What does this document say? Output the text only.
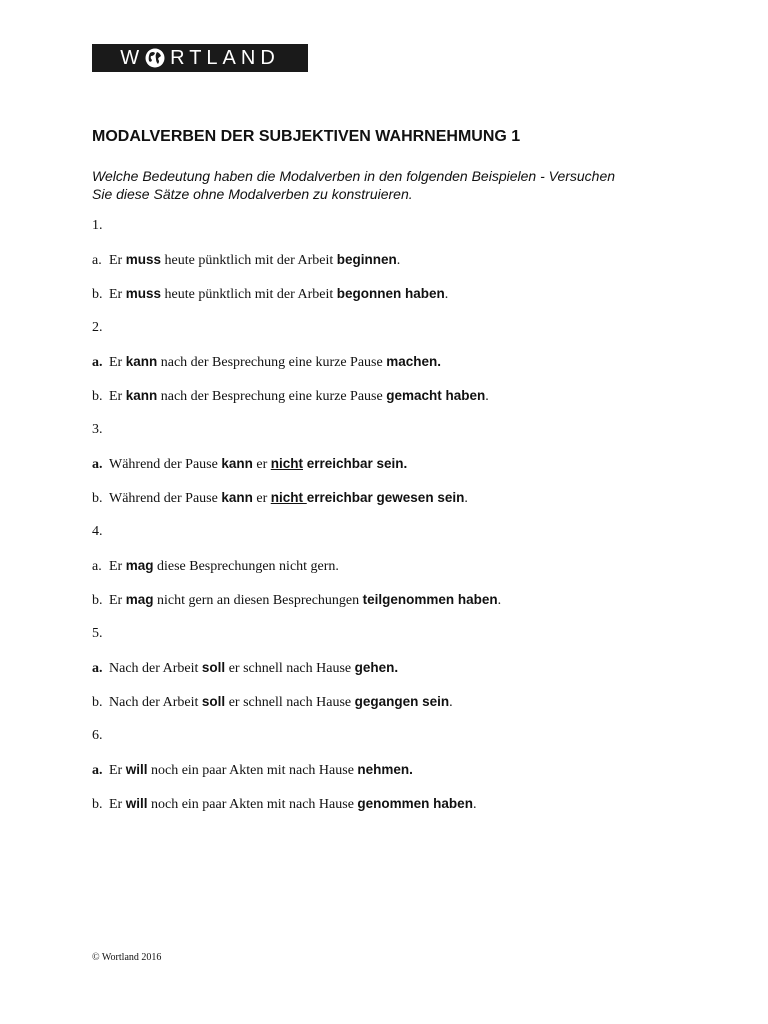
W RTLAND
MODALVERBEN DER SUBJEKTIVEN WAHRNEHMUNG 1

Welche Bedeutung haben die Modalverben in den folgenden Beispielen - Versuchen Sie diese Sätze ohne Modalverben zu konstruieren.

1.
a. Er muss heute pünktlich mit der Arbeit beginnen.
b. Er muss heute pünktlich mit der Arbeit begonnen haben.
2.
a. Er kann nach der Besprechung eine kurze Pause machen.
b. Er kann nach der Besprechung eine kurze Pause gemacht haben.
3.
a. Während der Pause kann er nicht erreichbar sein.
b. Während der Pause kann er nicht erreichbar gewesen sein.
4.
a. Er mag diese Besprechungen nicht gern.
b. Er mag nicht gern an diesen Besprechungen teilgenommen haben.
5.
a. Nach der Arbeit soll er schnell nach Hause gehen.
b. Nach der Arbeit soll er schnell nach Hause gegangen sein.
6.
a. Er will noch ein paar Akten mit nach Hause nehmen.
b. Er will noch ein paar Akten mit nach Hause genommen haben.
© Wortland 2016
